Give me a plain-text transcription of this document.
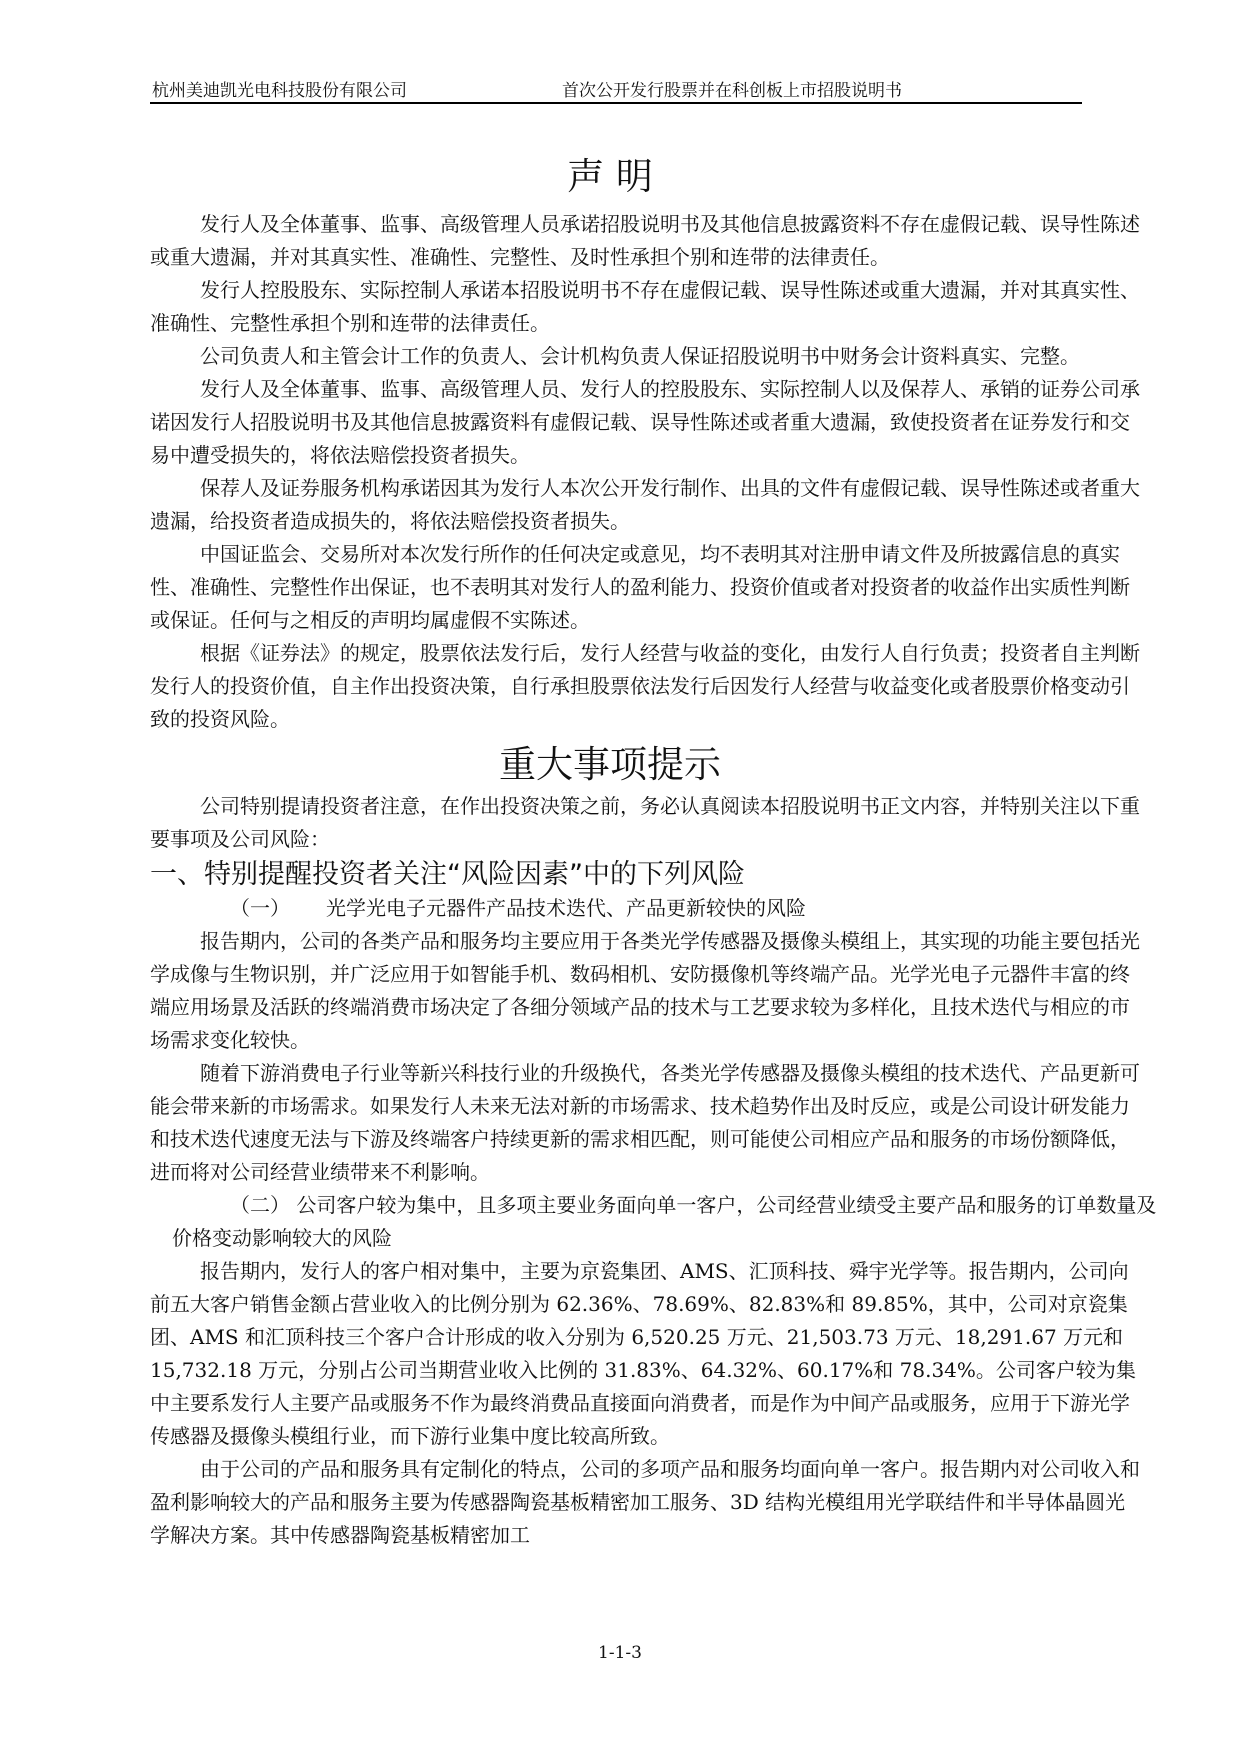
杭州美迪凯光电科技股份有限公司	首次公开发行股票并在科创板上市招股说明书
声 明

发行人及全体董事、监事、高级管理人员承诺招股说明书及其他信息披露资料不存在虚假记载、误导性陈述或重大遗漏，并对其真实性、准确性、完整性、及时性承担个别和连带的法律责任。

发行人控股股东、实际控制人承诺本招股说明书不存在虚假记载、误导性陈述或重大遗漏，并对其真实性、准确性、完整性承担个别和连带的法律责任。

公司负责人和主管会计工作的负责人、会计机构负责人保证招股说明书中财务会计资料真实、完整。

发行人及全体董事、监事、高级管理人员、发行人的控股股东、实际控制人以及保荐人、承销的证券公司承诺因发行人招股说明书及其他信息披露资料有虚假记载、误导性陈述或者重大遗漏，致使投资者在证券发行和交易中遭受损失的，将依法赔偿投资者损失。

保荐人及证券服务机构承诺因其为发行人本次公开发行制作、出具的文件有虚假记载、误导性陈述或者重大遗漏，给投资者造成损失的，将依法赔偿投资者损失。

中国证监会、交易所对本次发行所作的任何决定或意见，均不表明其对注册申请文件及所披露信息的真实性、准确性、完整性作出保证，也不表明其对发行人的盈利能力、投资价值或者对投资者的收益作出实质性判断或保证。任何与之相反的声明均属虚假不实陈述。

根据《证券法》的规定，股票依法发行后，发行人经营与收益的变化，由发行人自行负责；投资者自主判断发行人的投资价值，自主作出投资决策，自行承担股票依法发行后因发行人经营与收益变化或者股票价格变动引致的投资风险。

重大事项提示

公司特别提请投资者注意，在作出投资决策之前，务必认真阅读本招股说明书正文内容，并特别关注以下重要事项及公司风险：

一、特别提醒投资者关注“风险因素”中的下列风险

（一） 光学光电子元器件产品技术迭代、产品更新较快的风险

报告期内，公司的各类产品和服务均主要应用于各类光学传感器及摄像头模组上，其实现的功能主要包括光学成像与生物识别，并广泛应用于如智能手机、数码相机、安防摄像机等终端产品。光学光电子元器件丰富的终端应用场景及活跃的终端消费市场决定了各细分领域产品的技术与工艺要求较为多样化，且技术迭代与相应的市场需求变化较快。

随着下游消费电子行业等新兴科技行业的升级换代，各类光学传感器及摄像头模组的技术迭代、产品更新可能会带来新的市场需求。如果发行人未来无法对新的市场需求、技术趋势作出及时反应，或是公司设计研发能力和技术迭代速度无法与下游及终端客户持续更新的需求相匹配，则可能使公司相应产品和服务的市场份额降低，进而将对公司经营业绩带来不利影响。

（二） 公司客户较为集中，且多项主要业务面向单一客户，公司经营业绩受主要产品和服务的订单数量及价格变动影响较大的风险

报告期内，发行人的客户相对集中，主要为京瓷集团、AMS、汇顶科技、舜宇光学等。报告期内，公司向前五大客户销售金额占营业收入的比例分别为 62.36%、78.69%、82.83%和 89.85%，其中，公司对京瓷集团、AMS 和汇顶科技三个客户合计形成的收入分别为 6,520.25 万元、21,503.73 万元、18,291.67 万元和 15,732.18 万元，分别占公司当期营业收入比例的 31.83%、64.32%、60.17%和 78.34%。公司客户较为集中主要系发行人主要产品或服务不作为最终消费品直接面向消费者，而是作为中间产品或服务，应用于下游光学传感器及摄像头模组行业，而下游行业集中度比较高所致。

由于公司的产品和服务具有定制化的特点，公司的多项产品和服务均面向单一客户。报告期内对公司收入和盈利影响较大的产品和服务主要为传感器陶瓷基板精密加工服务、3D 结构光模组用光学联结件和半导体晶圆光学解决方案。其中传感器陶瓷基板精密加工

1-1-3
